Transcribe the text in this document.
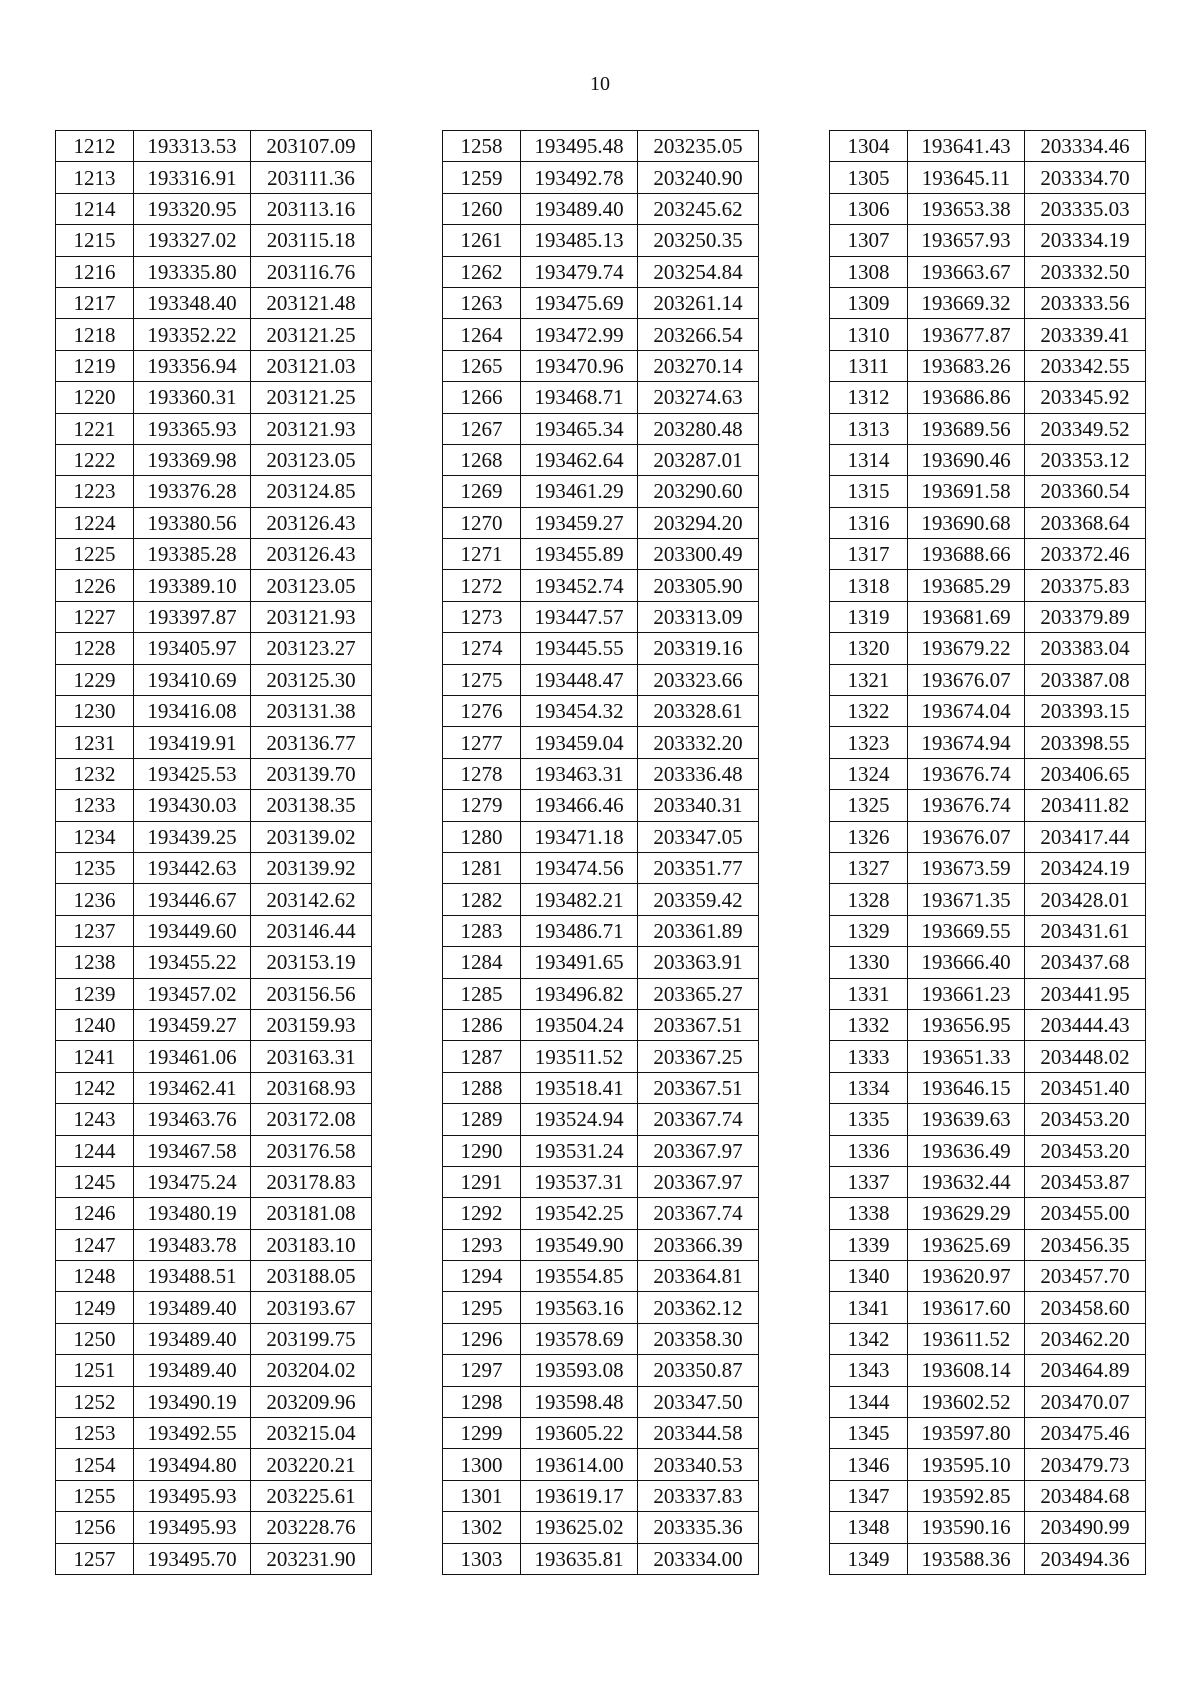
10
1212	193313.53	203107.09
1213	193316.91	203111.36
1214	193320.95	203113.16
1215	193327.02	203115.18
1216	193335.80	203116.76
1217	193348.40	203121.48
1218	193352.22	203121.25
1219	193356.94	203121.03
1220	193360.31	203121.25
1221	193365.93	203121.93
1222	193369.98	203123.05
1223	193376.28	203124.85
1224	193380.56	203126.43
1225	193385.28	203126.43
1226	193389.10	203123.05
1227	193397.87	203121.93
1228	193405.97	203123.27
1229	193410.69	203125.30
1230	193416.08	203131.38
1231	193419.91	203136.77
1232	193425.53	203139.70
1233	193430.03	203138.35
1234	193439.25	203139.02
1235	193442.63	203139.92
1236	193446.67	203142.62
1237	193449.60	203146.44
1238	193455.22	203153.19
1239	193457.02	203156.56
1240	193459.27	203159.93
1241	193461.06	203163.31
1242	193462.41	203168.93
1243	193463.76	203172.08
1244	193467.58	203176.58
1245	193475.24	203178.83
1246	193480.19	203181.08
1247	193483.78	203183.10
1248	193488.51	203188.05
1249	193489.40	203193.67
1250	193489.40	203199.75
1251	193489.40	203204.02
1252	193490.19	203209.96
1253	193492.55	203215.04
1254	193494.80	203220.21
1255	193495.93	203225.61
1256	193495.93	203228.76
1257	193495.70	203231.90
1258	193495.48	203235.05
1259	193492.78	203240.90
1260	193489.40	203245.62
1261	193485.13	203250.35
1262	193479.74	203254.84
1263	193475.69	203261.14
1264	193472.99	203266.54
1265	193470.96	203270.14
1266	193468.71	203274.63
1267	193465.34	203280.48
1268	193462.64	203287.01
1269	193461.29	203290.60
1270	193459.27	203294.20
1271	193455.89	203300.49
1272	193452.74	203305.90
1273	193447.57	203313.09
1274	193445.55	203319.16
1275	193448.47	203323.66
1276	193454.32	203328.61
1277	193459.04	203332.20
1278	193463.31	203336.48
1279	193466.46	203340.31
1280	193471.18	203347.05
1281	193474.56	203351.77
1282	193482.21	203359.42
1283	193486.71	203361.89
1284	193491.65	203363.91
1285	193496.82	203365.27
1286	193504.24	203367.51
1287	193511.52	203367.25
1288	193518.41	203367.51
1289	193524.94	203367.74
1290	193531.24	203367.97
1291	193537.31	203367.97
1292	193542.25	203367.74
1293	193549.90	203366.39
1294	193554.85	203364.81
1295	193563.16	203362.12
1296	193578.69	203358.30
1297	193593.08	203350.87
1298	193598.48	203347.50
1299	193605.22	203344.58
1300	193614.00	203340.53
1301	193619.17	203337.83
1302	193625.02	203335.36
1303	193635.81	203334.00
1304	193641.43	203334.46
1305	193645.11	203334.70
1306	193653.38	203335.03
1307	193657.93	203334.19
1308	193663.67	203332.50
1309	193669.32	203333.56
1310	193677.87	203339.41
1311	193683.26	203342.55
1312	193686.86	203345.92
1313	193689.56	203349.52
1314	193690.46	203353.12
1315	193691.58	203360.54
1316	193690.68	203368.64
1317	193688.66	203372.46
1318	193685.29	203375.83
1319	193681.69	203379.89
1320	193679.22	203383.04
1321	193676.07	203387.08
1322	193674.04	203393.15
1323	193674.94	203398.55
1324	193676.74	203406.65
1325	193676.74	203411.82
1326	193676.07	203417.44
1327	193673.59	203424.19
1328	193671.35	203428.01
1329	193669.55	203431.61
1330	193666.40	203437.68
1331	193661.23	203441.95
1332	193656.95	203444.43
1333	193651.33	203448.02
1334	193646.15	203451.40
1335	193639.63	203453.20
1336	193636.49	203453.20
1337	193632.44	203453.87
1338	193629.29	203455.00
1339	193625.69	203456.35
1340	193620.97	203457.70
1341	193617.60	203458.60
1342	193611.52	203462.20
1343	193608.14	203464.89
1344	193602.52	203470.07
1345	193597.80	203475.46
1346	193595.10	203479.73
1347	193592.85	203484.68
1348	193590.16	203490.99
1349	193588.36	203494.36
